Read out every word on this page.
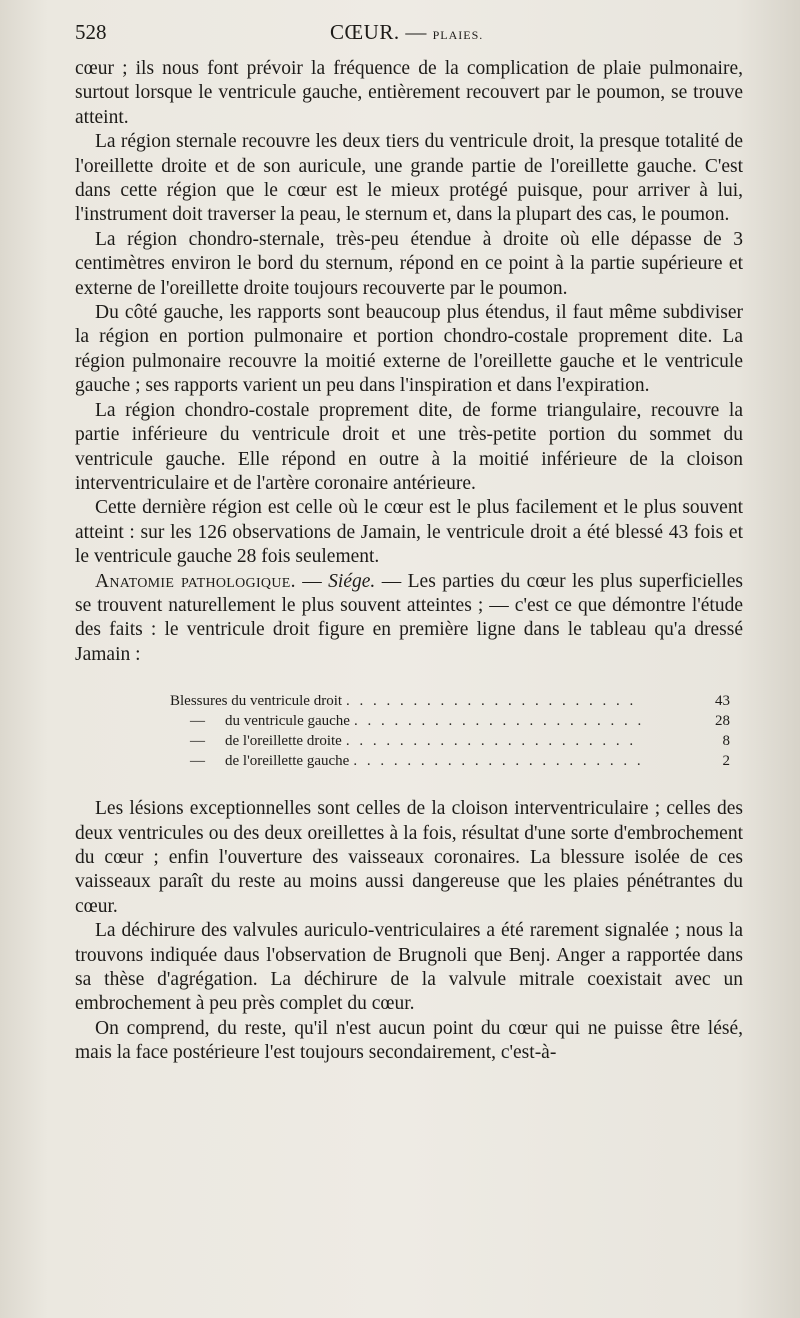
528	CŒUR. — PLAIES.

cœur ; ils nous font prévoir la fréquence de la complication de plaie pulmonaire, surtout lorsque le ventricule gauche, entièrement recouvert par le poumon, se trouve atteint.

La région sternale recouvre les deux tiers du ventricule droit, la presque totalité de l'oreillette droite et de son auricule, une grande partie de l'oreillette gauche. C'est dans cette région que le cœur est le mieux protégé puisque, pour arriver à lui, l'instrument doit traverser la peau, le sternum et, dans la plupart des cas, le poumon.

La région chondro-sternale, très-peu étendue à droite où elle dépasse de 3 centimètres environ le bord du sternum, répond en ce point à la partie supérieure et externe de l'oreillette droite toujours recouverte par le poumon.

Du côté gauche, les rapports sont beaucoup plus étendus, il faut même subdiviser la région en portion pulmonaire et portion chondro-costale proprement dite. La région pulmonaire recouvre la moitié externe de l'oreillette gauche et le ventricule gauche ; ses rapports varient un peu dans l'inspiration et dans l'expiration.

La région chondro-costale proprement dite, de forme triangulaire, recouvre la partie inférieure du ventricule droit et une très-petite portion du sommet du ventricule gauche. Elle répond en outre à la moitié inférieure de la cloison interventriculaire et de l'artère coronaire antérieure.

Cette dernière région est celle où le cœur est le plus facilement et le plus souvent atteint : sur les 126 observations de Jamain, le ventricule droit a été blessé 43 fois et le ventricule gauche 28 fois seulement.

Anatomie pathologique. — Siége. — Les parties du cœur les plus superficielles se trouvent naturellement le plus souvent atteintes ; — c'est ce que démontre l'étude des faits : le ventricule droit figure en première ligne dans le tableau qu'a dressé Jamain :

Blessures du ventricule droit . . . . . . . . . . . . . . . . . . . . . .	43
—	du ventricule gauche . . . . . . . . . . . . . . . . . . . . . .	28
—	de l'oreillette droite . . . . . . . . . . . . . . . . . . . . . .	8
—	de l'oreillette gauche . . . . . . . . . . . . . . . . . . . . . .	2

Les lésions exceptionnelles sont celles de la cloison interventriculaire ; celles des deux ventricules ou des deux oreillettes à la fois, résultat d'une sorte d'embrochement du cœur ; enfin l'ouverture des vaisseaux coronaires. La blessure isolée de ces vaisseaux paraît du reste au moins aussi dangereuse que les plaies pénétrantes du cœur.

La déchirure des valvules auriculo-ventriculaires a été rarement signalée ; nous la trouvons indiquée daus l'observation de Brugnoli que Benj. Anger a rapportée dans sa thèse d'agrégation. La déchirure de la valvule mitrale coexistait avec un embrochement à peu près complet du cœur.

On comprend, du reste, qu'il n'est aucun point du cœur qui ne puisse être lésé, mais la face postérieure l'est toujours secondairement, c'est-à-
